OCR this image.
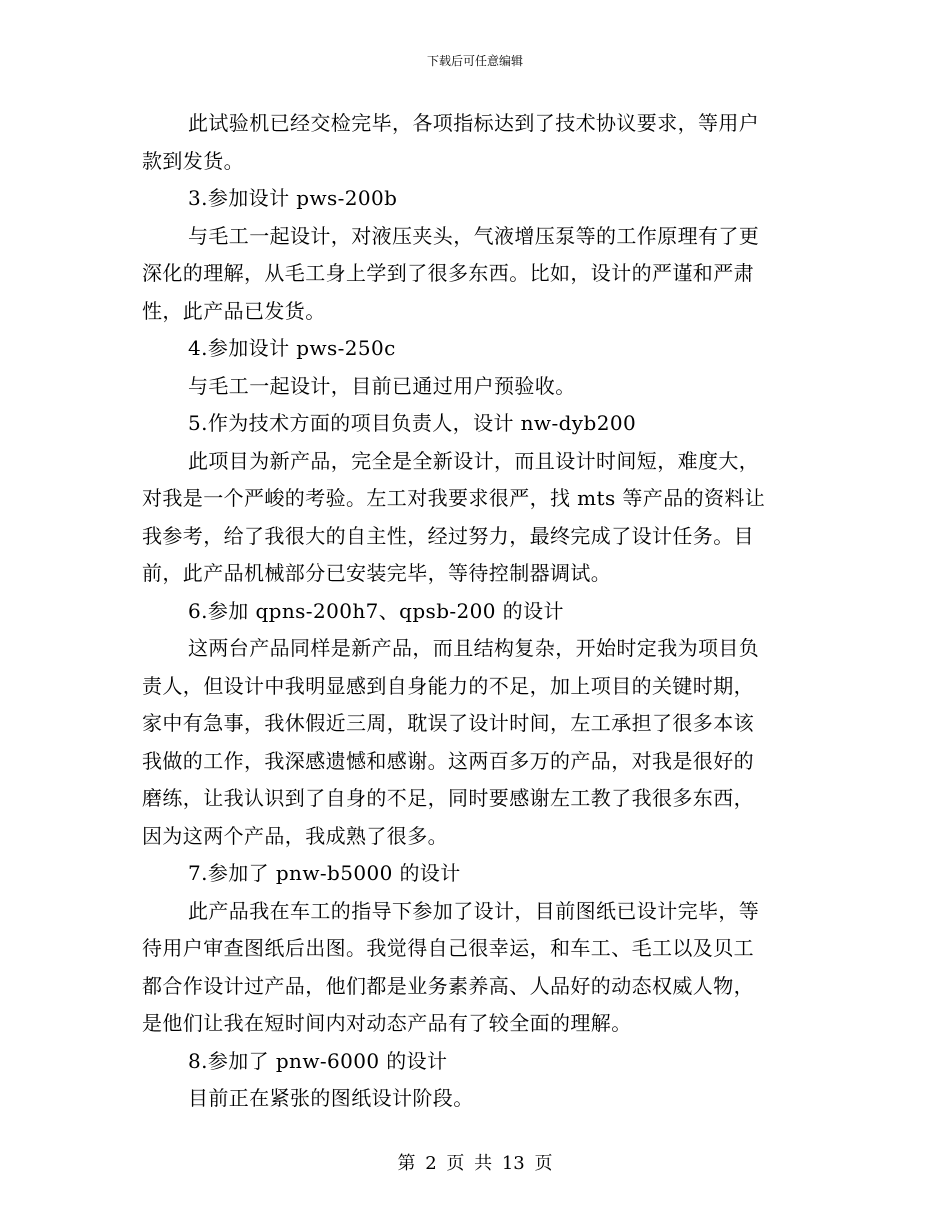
下载后可任意编辑
此试验机已经交检完毕，各项指标达到了技术协议要求，等用户
款到发货。
3.参加设计 pws-200b
与毛工一起设计，对液压夹头，气液增压泵等的工作原理有了更
深化的理解，从毛工身上学到了很多东西。比如，设计的严谨和严肃
性，此产品已发货。
4.参加设计 pws-250c
与毛工一起设计，目前已通过用户预验收。
5.作为技术方面的项目负责人，设计 nw-dyb200
此项目为新产品，完全是全新设计，而且设计时间短，难度大，
对我是一个严峻的考验。左工对我要求很严，找 mts 等产品的资料让
我参考，给了我很大的自主性，经过努力，最终完成了设计任务。目
前，此产品机械部分已安装完毕，等待控制器调试。
6.参加 qpns-200h7、qpsb-200 的设计
这两台产品同样是新产品，而且结构复杂，开始时定我为项目负
责人，但设计中我明显感到自身能力的不足，加上项目的关键时期，
家中有急事，我休假近三周，耽误了设计时间，左工承担了很多本该
我做的工作，我深感遗憾和感谢。这两百多万的产品，对我是很好的
磨练，让我认识到了自身的不足，同时要感谢左工教了我很多东西，
因为这两个产品，我成熟了很多。
7.参加了 pnw-b5000 的设计
此产品我在车工的指导下参加了设计，目前图纸已设计完毕，等
待用户审查图纸后出图。我觉得自己很幸运，和车工、毛工以及贝工
都合作设计过产品，他们都是业务素养高、人品好的动态权威人物，
是他们让我在短时间内对动态产品有了较全面的理解。
8.参加了 pnw-6000 的设计
目前正在紧张的图纸设计阶段。
第 2 页 共 13 页
